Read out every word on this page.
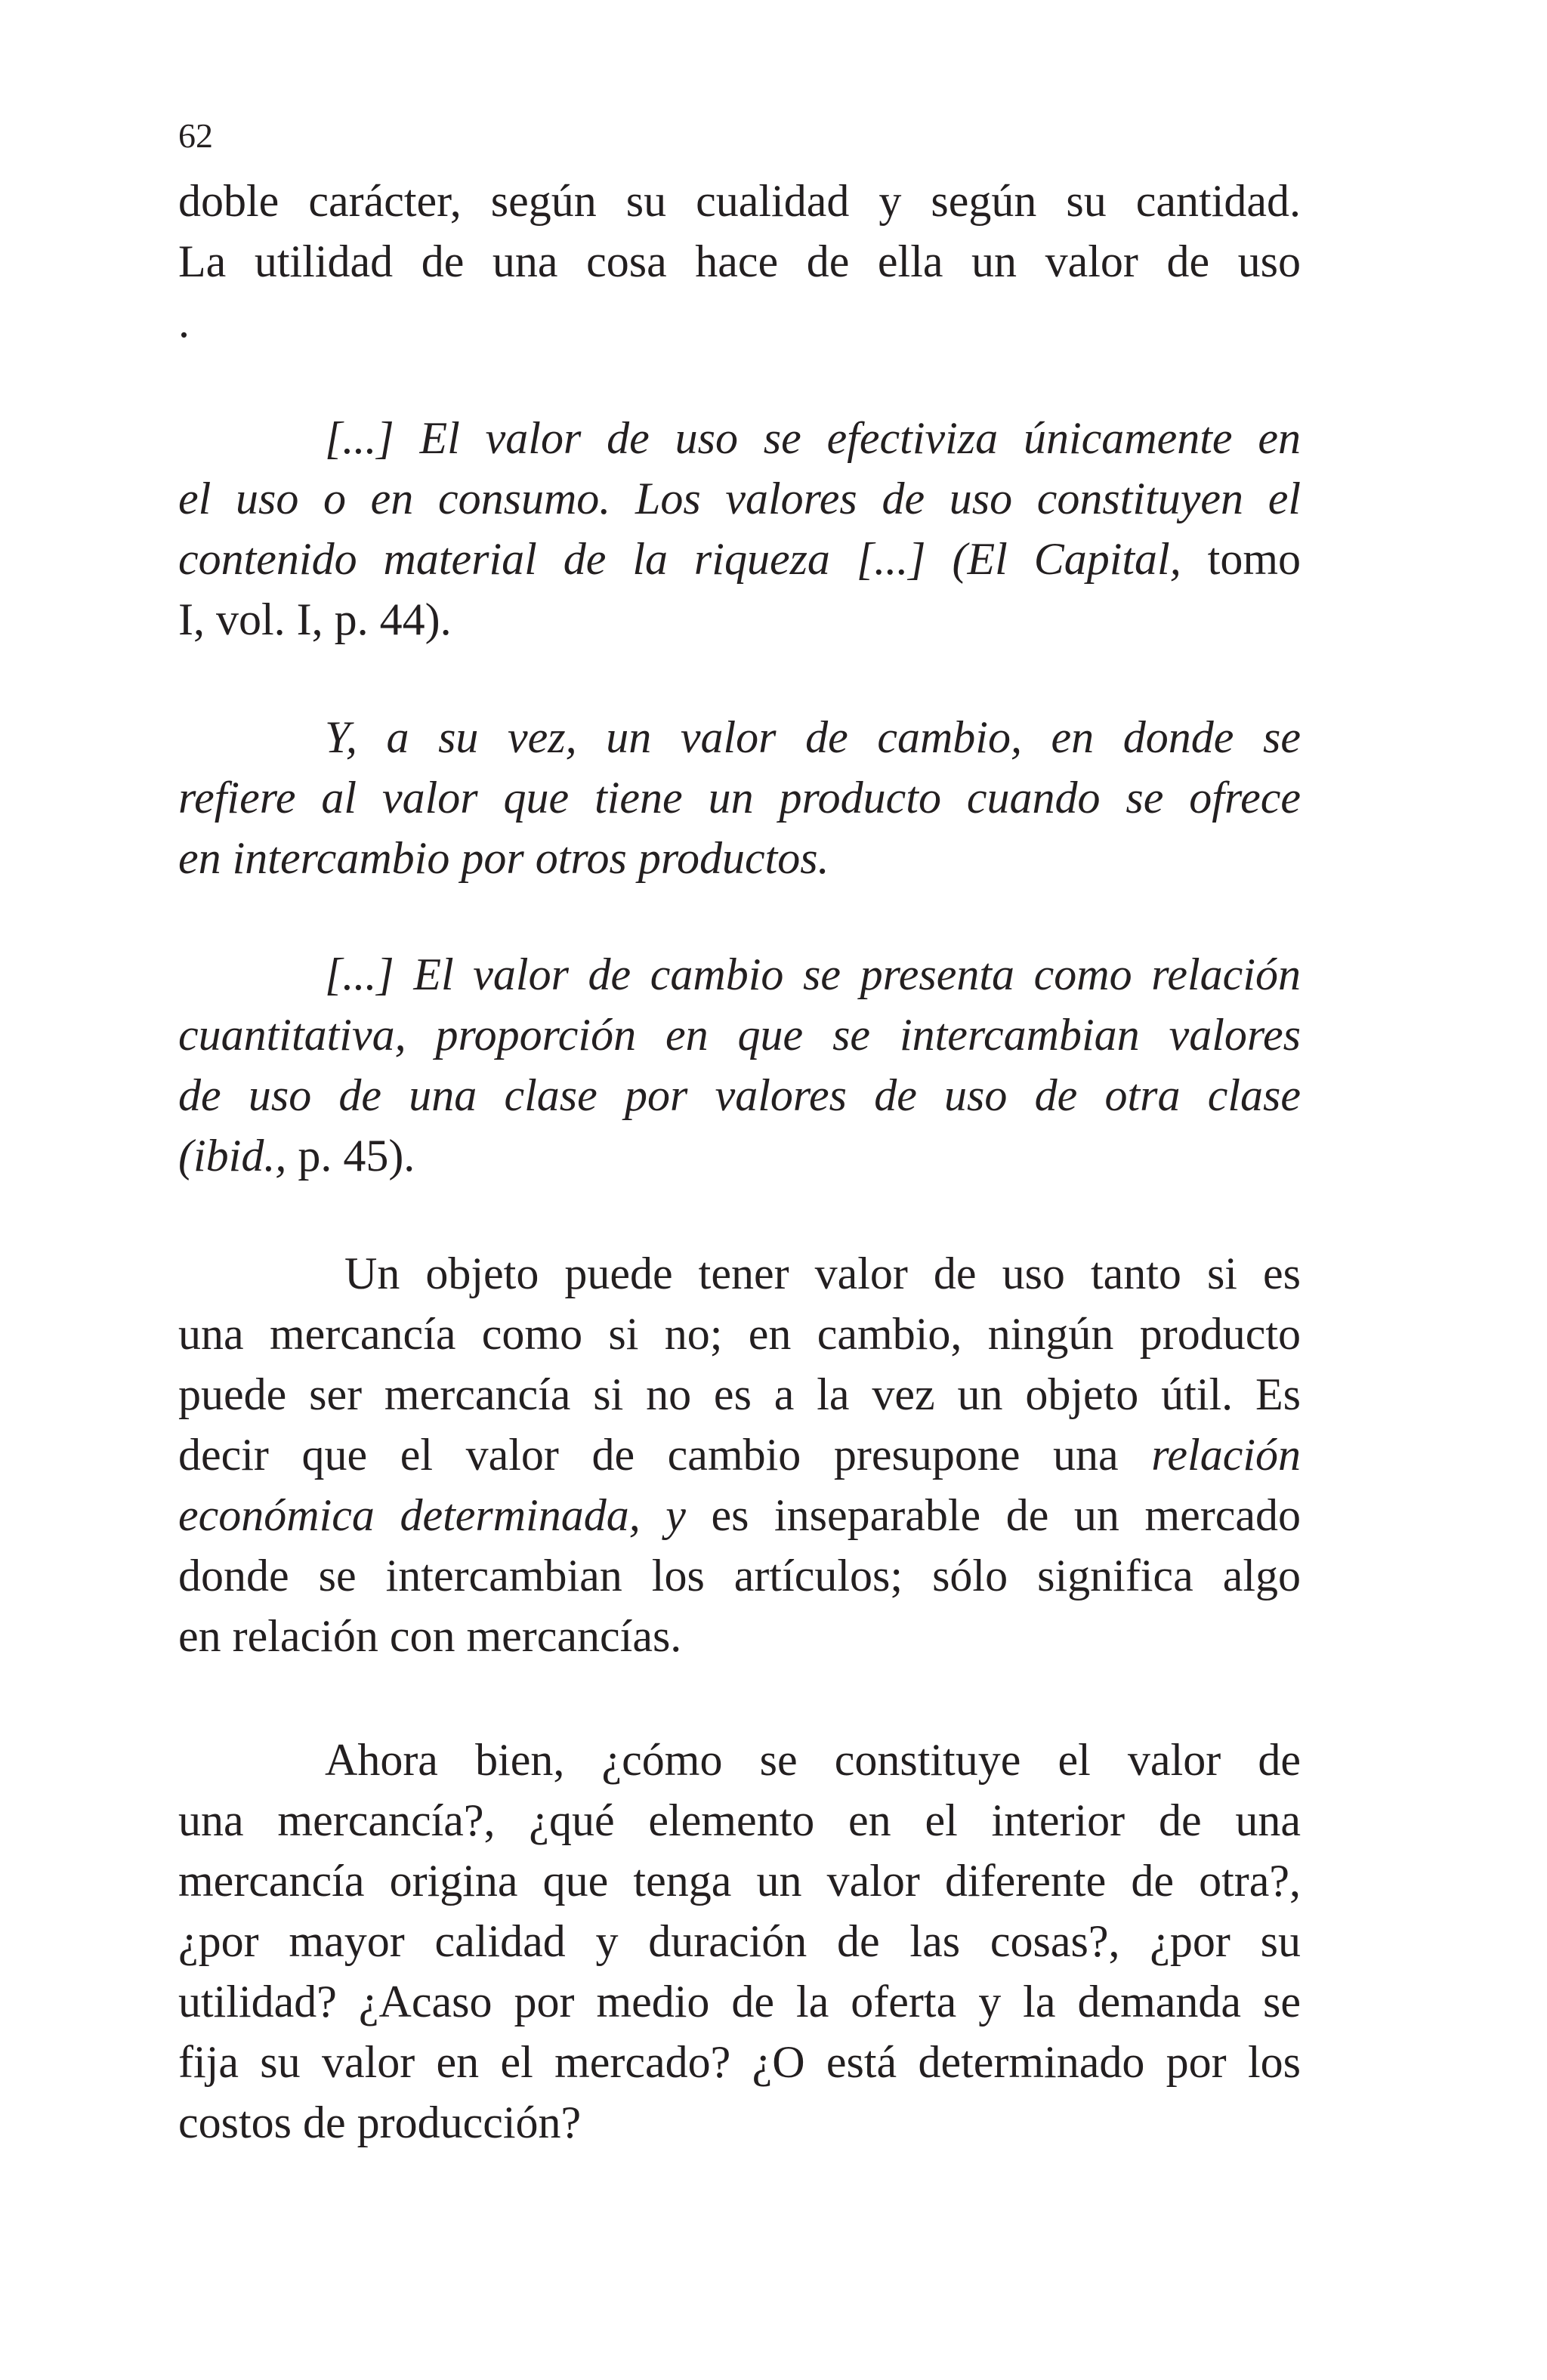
62
doble carácter, según su cualidad y según su cantidad.
La utilidad de una cosa hace de ella un valor de uso
.
[...] El valor de uso se efectiviza únicamente en
el uso o en consumo. Los valores de uso constituyen el
contenido material de la riqueza [...] (El Capital, tomo
I, vol. I, p. 44).
Y, a su vez, un valor de cambio, en donde se
refiere al valor que tiene un producto cuando se ofrece
en intercambio por otros productos.
[...] El valor de cambio se presenta como relación
cuantitativa, proporción en que se intercambian valores
de uso de una clase por valores de uso de otra clase
(ibid., p. 45).
Un objeto puede tener valor de uso tanto si es
una mercancía como si no; en cambio, ningún producto
puede ser mercancía si no es a la vez un objeto útil. Es
decir que el valor de cambio presupone una relación
económica determinada, y es inseparable de un mercado
donde se intercambian los artículos; sólo significa algo
en relación con mercancías.
Ahora bien, ¿cómo se constituye el valor de
una mercancía?, ¿qué elemento en el interior de una
mercancía origina que tenga un valor diferente de otra?,
¿por mayor calidad y duración de las cosas?, ¿por su
utilidad? ¿Acaso por medio de la oferta y la demanda se
fija su valor en el mercado? ¿O está determinado por los
costos de producción?
